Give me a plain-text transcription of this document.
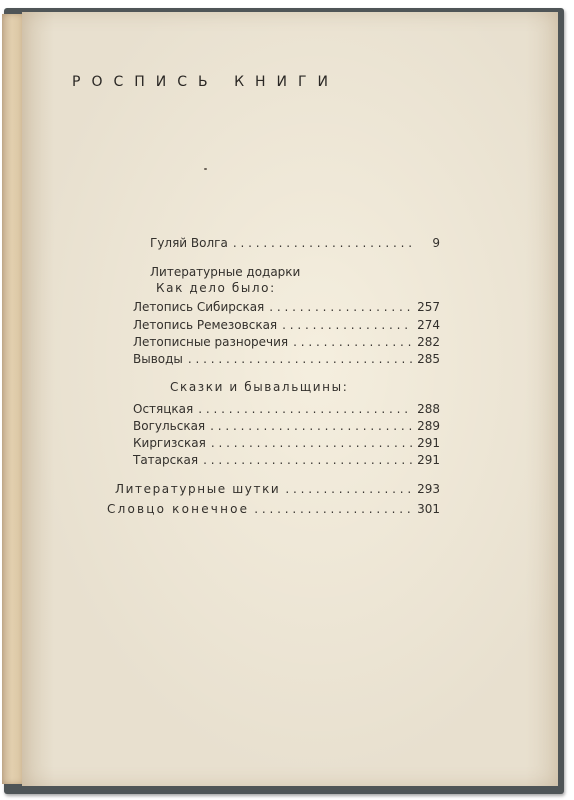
РОСПИСЬ КНИГИ
Гуляй Волга . . .	9
Литературные додарки
Как дело было:
Летопись Сибирская . . .	257
Летопись Ремезовская . . .	274
Летописные разноречия . . .	282
Выводы . . .	285
Сказки и бывальщины:
Остяцкая . . .	288
Вогульская . . .	289
Киргизская . . .	291
Татарская . . .	291
Литературные шутки . . .	293
Словцо конечное . . .	301
